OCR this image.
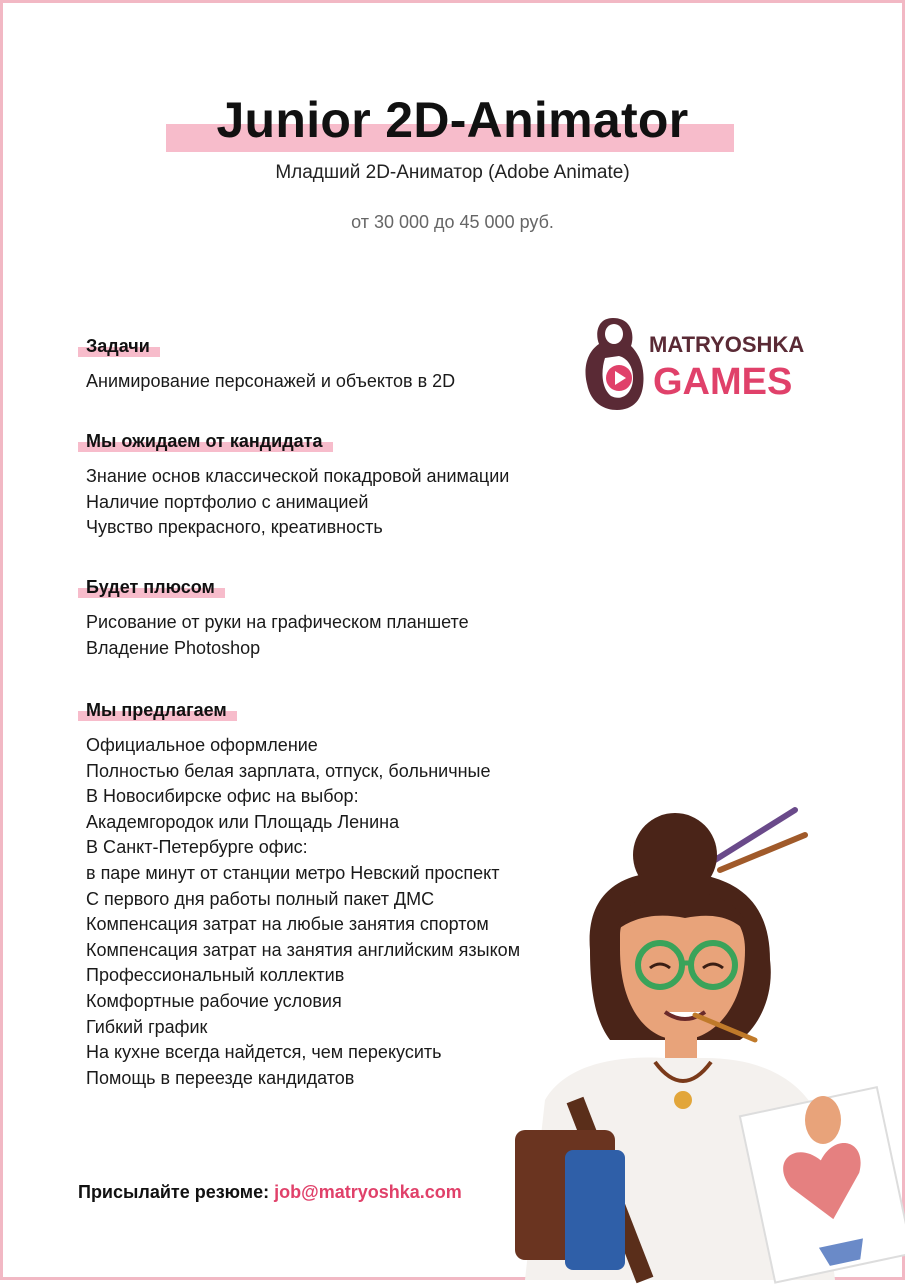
Junior 2D-Animator
Младший 2D-Аниматор (Adobe Animate)
от 30 000 до 45 000 руб.
MATRYOSHKA
GAMES
Задачи
Анимирование персонажей и объектов в 2D
Мы ожидаем от кандидата
Знание основ классической покадровой анимации
Наличие портфолио с анимацией
Чувство прекрасного, креативность
Будет плюсом
Рисование от руки на графическом планшете
Владение Photoshop
Мы предлагаем
Официальное оформление
Полностью белая зарплата, отпуск, больничные
В Новосибирске офис на выбор:
Академгородок или Площадь Ленина
В Санкт-Петербурге офис:
в паре минут от станции метро Невский проспект
С первого дня работы полный пакет ДМС
Компенсация затрат на любые занятия спортом
Компенсация затрат на занятия английским языком
Профессиональный коллектив
Комфортные рабочие условия
Гибкий график
На кухне всегда найдется, чем перекусить
Помощь в переезде кандидатов
Присылайте резюме: job@matryoshka.com
